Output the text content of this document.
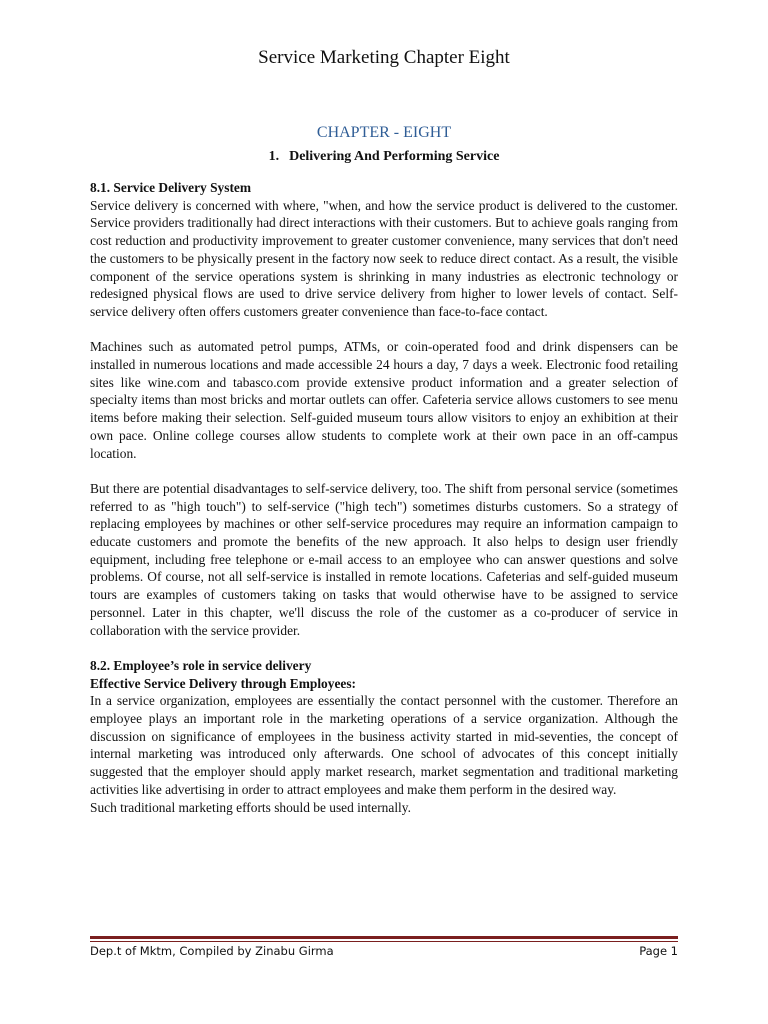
Service Marketing Chapter Eight
CHAPTER - EIGHT
1. Delivering And Performing Service
8.1. Service Delivery System

Service delivery is concerned with where, "when, and how the service product is delivered to the customer. Service providers traditionally had direct interactions with their customers. But to achieve goals ranging from cost reduction and productivity improvement to greater customer convenience, many services that don't need the customers to be physically present in the factory now seek to reduce direct contact. As a result, the visible component of the service operations system is shrinking in many industries as electronic technology or redesigned physical flows are used to drive service delivery from higher to lower levels of contact. Self-service delivery often offers customers greater convenience than face-to-face contact.

Machines such as automated petrol pumps, ATMs, or coin-operated food and drink dispensers can be installed in numerous locations and made accessible 24 hours a day, 7 days a week. Electronic food retailing sites like wine.com and tabasco.com provide extensive product information and a greater selection of specialty items than most bricks and mortar outlets can offer. Cafeteria service allows customers to see menu items before making their selection. Self-guided museum tours allow visitors to enjoy an exhibition at their own pace. Online college courses allow students to complete work at their own pace in an off-campus location.

But there are potential disadvantages to self-service delivery, too. The shift from personal service (sometimes referred to as "high touch") to self-service ("high tech") sometimes disturbs customers. So a strategy of replacing employees by machines or other self-service procedures may require an information campaign to educate customers and promote the benefits of the new approach. It also helps to design user friendly equipment, including free telephone or e-mail access to an employee who can answer questions and solve problems. Of course, not all self-service is installed in remote locations. Cafeterias and self-guided museum tours are examples of customers taking on tasks that would otherwise have to be assigned to service personnel. Later in this chapter, we'll discuss the role of the customer as a co-producer of service in collaboration with the service provider.

8.2. Employee’s role in service delivery
Effective Service Delivery through Employees:

In a service organization, employees are essentially the contact personnel with the customer. Therefore an employee plays an important role in the marketing operations of a service organization. Although the discussion on significance of employees in the business activity started in mid-seventies, the concept of internal marketing was introduced only afterwards. One school of advocates of this concept initially suggested that the employer should apply market research, market segmentation and traditional marketing activities like advertising in order to attract employees and make them perform in the desired way.

Such traditional marketing efforts should be used internally.

Dep.t of Mktm, Compiled by Zinabu Girma	Page 1
